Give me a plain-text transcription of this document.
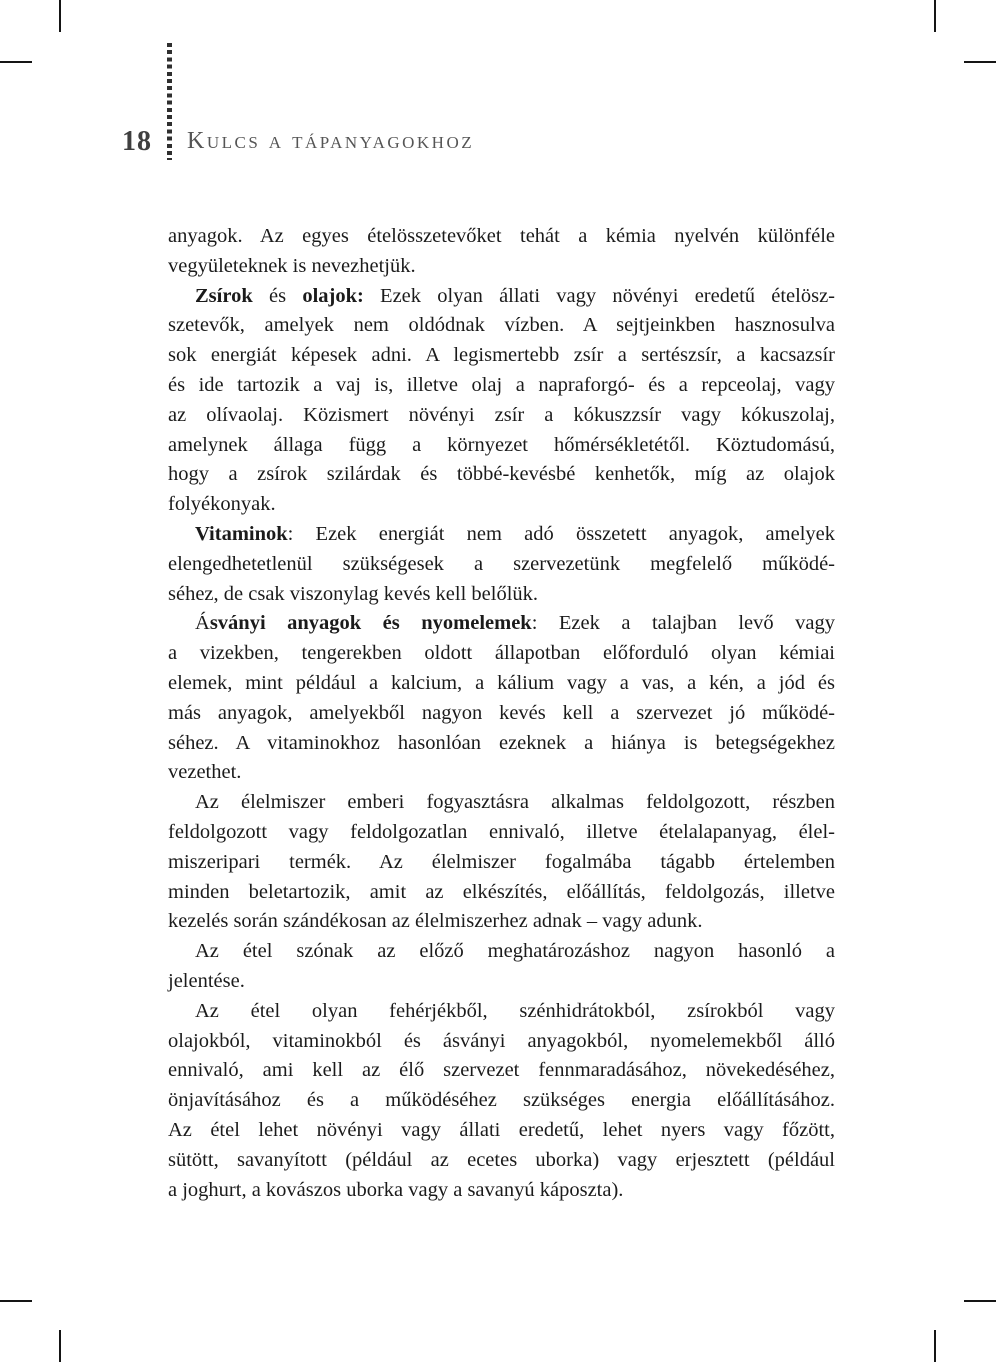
18 Kulcs a tápanyagokhoz
anyagok. Az egyes ételösszetevőket tehát a kémia nyelvén különféle
vegyületeknek is nevezhetjük.
Zsírok és olajok: Ezek olyan állati vagy növényi eredetű ételösz-
szetevők, amelyek nem oldódnak vízben. A sejtjeinkben hasznosulva
sok energiát képesek adni. A legismertebb zsír a sertészsír, a kacsazsír
és ide tartozik a vaj is, illetve olaj a napraforgó- és a repceolaj, vagy
az olívaolaj. Közismert növényi zsír a kókuszzsír vagy kókuszolaj,
amelynek állaga függ a környezet hőmérsékletétől. Köztudomású,
hogy a zsírok szilárdak és többé-kevésbé kenhetők, míg az olajok
folyékonyak.
Vitaminok: Ezek energiát nem adó összetett anyagok, amelyek
elengedhetetlenül szükségesek a szervezetünk megfelelő működé-
séhez, de csak viszonylag kevés kell belőlük.
Ásványi anyagok és nyomelemek: Ezek a talajban levő vagy
a vizekben, tengerekben oldott állapotban előforduló olyan kémiai
elemek, mint például a kalcium, a kálium vagy a vas, a kén, a jód és
más anyagok, amelyekből nagyon kevés kell a szervezet jó működé-
séhez. A vitaminokhoz hasonlóan ezeknek a hiánya is betegségekhez
vezethet.
Az élelmiszer emberi fogyasztásra alkalmas feldolgozott, részben
feldolgozott vagy feldolgozatlan ennivaló, illetve ételalapanyag, élel-
miszeripari termék. Az élelmiszer fogalmába tágabb értelemben
minden beletartozik, amit az elkészítés, előállítás, feldolgozás, illetve
kezelés során szándékosan az élelmiszerhez adnak – vagy adunk.
Az étel szónak az előző meghatározáshoz nagyon hasonló a
jelentése.
Az étel olyan fehérjékből, szénhidrátokból, zsírokból vagy
olajokból, vitaminokból és ásványi anyagokból, nyomelemekből álló
ennivaló, ami kell az élő szervezet fennmaradásához, növekedéséhez,
önjavításához és a működéséhez szükséges energia előállításához.
Az étel lehet növényi vagy állati eredetű, lehet nyers vagy főzött,
sütött, savanyított (például az ecetes uborka) vagy erjesztett (például
a joghurt, a kovászos uborka vagy a savanyú káposzta).
